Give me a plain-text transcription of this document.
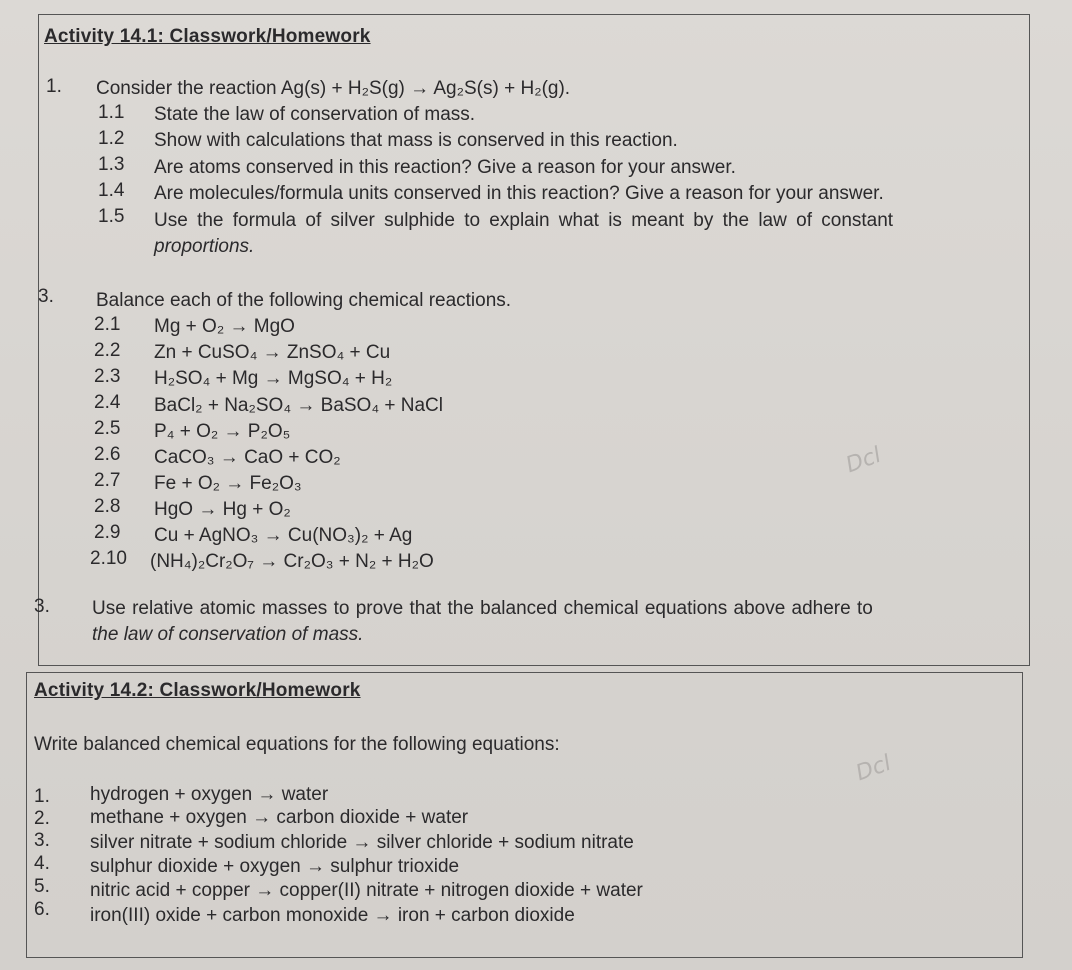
Activity 14.1: Classwork/Homework
1. Consider the reaction Ag(s) + H₂S(g) → Ag₂S(s) + H₂(g).
1.1 State the law of conservation of mass.
1.2 Show with calculations that mass is conserved in this reaction.
1.3 Are atoms conserved in this reaction? Give a reason for your answer.
1.4 Are molecules/formula units conserved in this reaction? Give a reason for your answer.
1.5 Use the formula of silver sulphide to explain what is meant by the law of constant
proportions.
3. Balance each of the following chemical reactions.
2.1 Mg + O₂ → MgO
2.2 Zn + CuSO₄ → ZnSO₄ + Cu
2.3 H₂SO₄ + Mg → MgSO₄ + H₂
2.4 BaCl₂ + Na₂SO₄ → BaSO₄ + NaCl
2.5 P₄ + O₂ → P₂O₅
2.6 CaCO₃ → CaO + CO₂
2.7 Fe + O₂ → Fe₂O₃
2.8 HgO → Hg + O₂
2.9 Cu + AgNO₃ → Cu(NO₃)₂ + Ag
2.10 (NH₄)₂Cr₂O₇ → Cr₂O₃ + N₂ + H₂O
Dcl
3. Use relative atomic masses to prove that the balanced chemical equations above adhere to
the law of conservation of mass.
Activity 14.2: Classwork/Homework
Write balanced chemical equations for the following equations:
Dcl
1. hydrogen + oxygen → water
2. methane + oxygen → carbon dioxide + water
3. silver nitrate + sodium chloride → silver chloride + sodium nitrate
4. sulphur dioxide + oxygen → sulphur trioxide
5. nitric acid + copper → copper(II) nitrate + nitrogen dioxide + water
6. iron(III) oxide + carbon monoxide → iron + carbon dioxide
